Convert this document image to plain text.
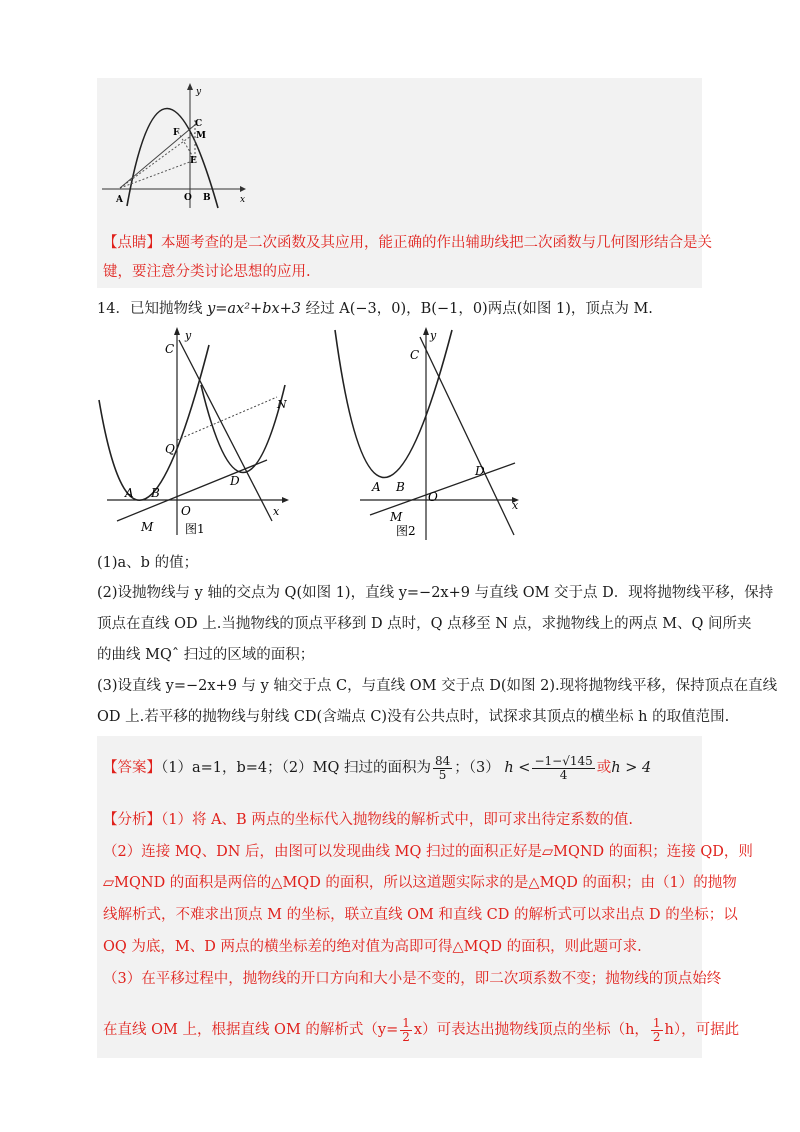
y
C
F M
E
A	O B	x
【点睛】本题考查的是二次函数及其应用，能正确的作出辅助线把二次函数与几何图形结合是关
键，要注意分类讨论思想的应用.
14．已知抛物线 y=ax²+bx+3 经过 A(−3，0)，B(−1，0)两点(如图 1)，顶点为 M.
y
C
N
Q
D
A B
M
O	x
图1
y
C
D
A B
O
M
x
图2
(1)a、b 的值；
(2)设抛物线与 y 轴的交点为 Q(如图 1)，直线 y=−2x+9 与直线 OM 交于点 D．现将抛物线平移，保持
顶点在直线 OD 上.当抛物线的顶点平移到 D 点时，Q 点移至 N 点，求抛物线上的两点 M、Q 间所夹
的曲线 MQˆ 扫过的区域的面积；
(3)设直线 y=−2x+9 与 y 轴交于点 C，与直线 OM 交于点 D(如图 2).现将抛物线平移，保持顶点在直线
OD 上.若平移的抛物线与射线 CD(含端点 C)没有公共点时，试探求其顶点的横坐标 h 的取值范围.
【答案】（1）a=1，b=4；（2）MQ 扫过的面积为 $\frac{84}{5}$ ；（3） $h < \frac{-1-√145}{4}$ 或h > 4
【分析】（1）将 A、B 两点的坐标代入抛物线的解析式中，即可求出待定系数的值.
（2）连接 MQ、DN 后，由图可以发现曲线 MQ 扫过的面积正好是▱MQND 的面积；连接 QD，则
▱MQND 的面积是两倍的△MQD 的面积，所以这道题实际求的是△MQD 的面积；由（1）的抛物
线解析式，不难求出顶点 M 的坐标，联立直线 OM 和直线 CD 的解析式可以求出点 D 的坐标；以
OQ 为底，M、D 两点的横坐标差的绝对值为高即可得△MQD 的面积，则此题可求.
（3）在平移过程中，抛物线的开口方向和大小是不变的，即二次项系数不变；抛物线的顶点始终
在直线 OM 上，根据直线 OM 的解析式$(y= \frac{1}{2} x)$可表达出抛物线顶点的坐标（h， $\frac{1}{2} h$），可据此
